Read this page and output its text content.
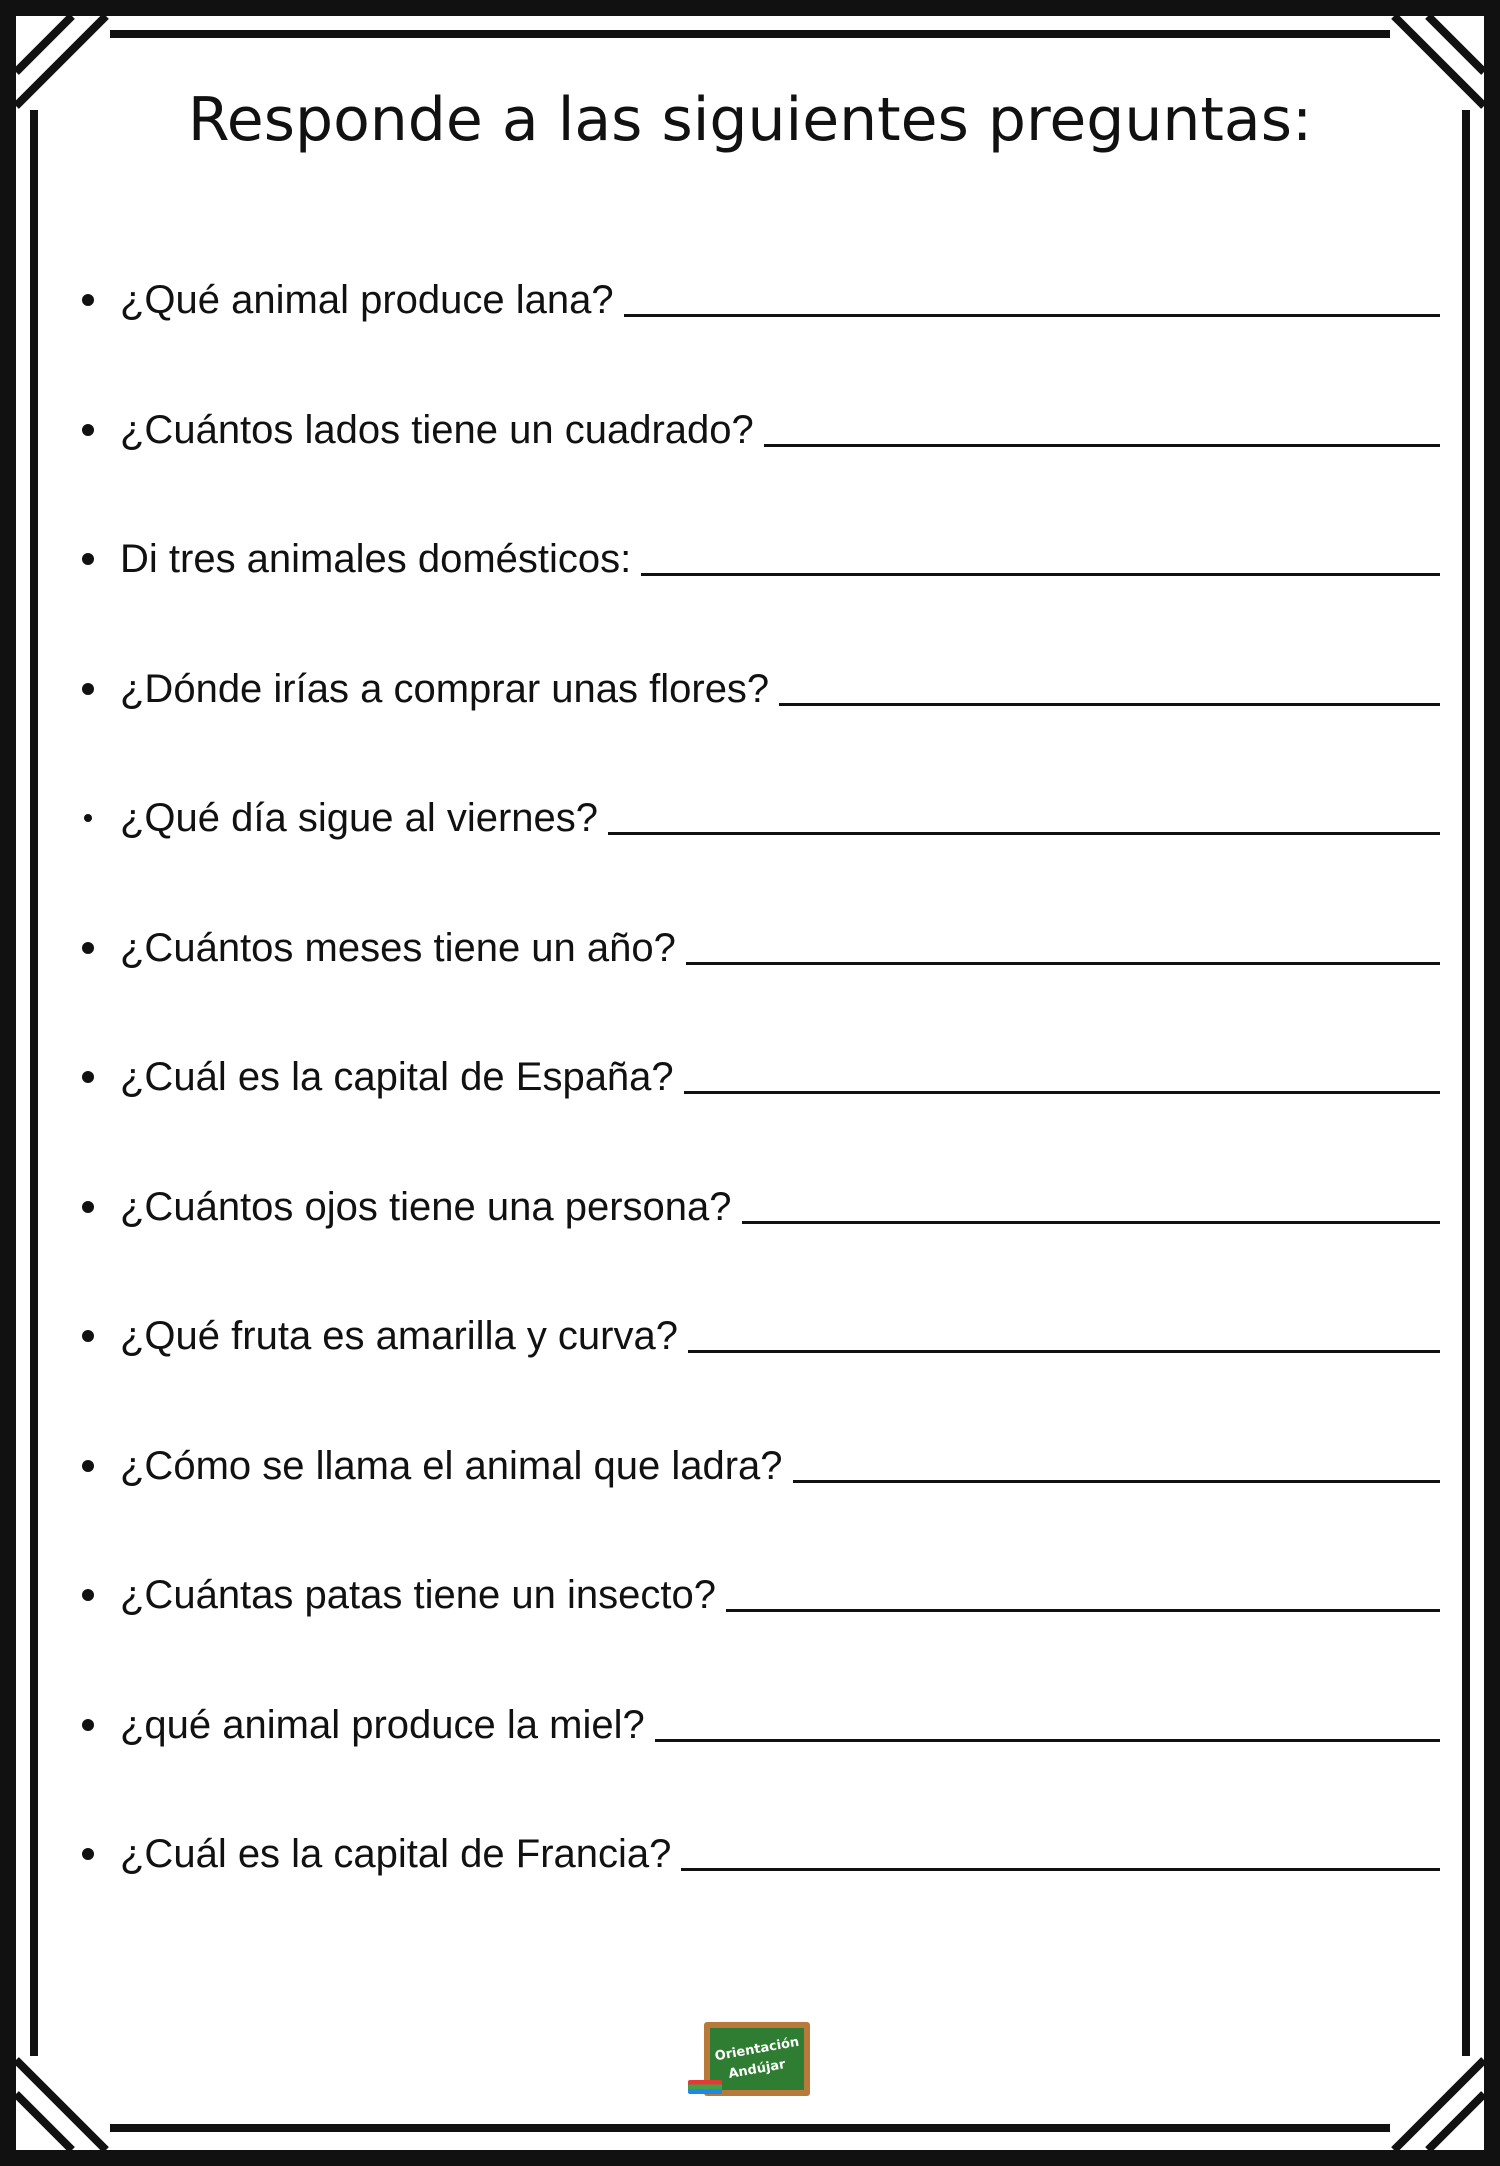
Responde a las siguientes preguntas:
¿Qué animal produce lana?
¿Cuántos lados tiene un cuadrado?
Di tres animales domésticos:
¿Dónde irías a comprar unas flores?
¿Qué día sigue al viernes?
¿Cuántos meses tiene un año?
¿Cuál es la capital de España?
¿Cuántos ojos tiene una persona?
¿Qué fruta es amarilla y curva?
¿Cómo se llama el animal que ladra?
¿Cuántas patas tiene un insecto?
¿qué animal produce la miel?
¿Cuál es la capital de Francia?
Orientación
Andújar
